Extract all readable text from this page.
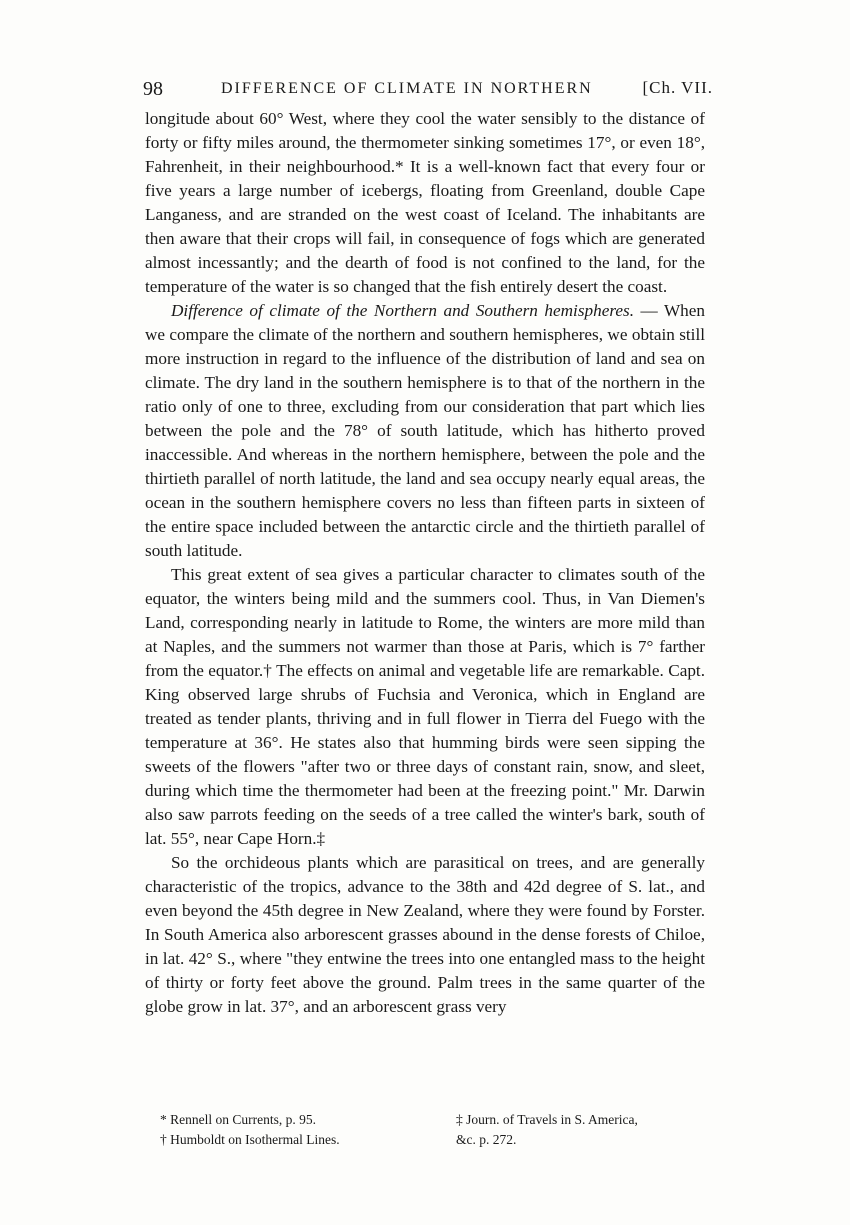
98	DIFFERENCE OF CLIMATE IN NORTHERN	[Ch. VII.

longitude about 60° West, where they cool the water sensibly to the distance of forty or fifty miles around, the thermometer sinking sometimes 17°, or even 18°, Fahrenheit, in their neighbourhood.* It is a well-known fact that every four or five years a large number of icebergs, floating from Greenland, double Cape Langaness, and are stranded on the west coast of Iceland. The inhabitants are then aware that their crops will fail, in consequence of fogs which are generated almost incessantly; and the dearth of food is not confined to the land, for the temperature of the water is so changed that the fish entirely desert the coast.

Difference of climate of the Northern and Southern hemispheres. — When we compare the climate of the northern and southern hemispheres, we obtain still more instruction in regard to the influence of the distribution of land and sea on climate. The dry land in the southern hemisphere is to that of the northern in the ratio only of one to three, excluding from our consideration that part which lies between the pole and the 78° of south latitude, which has hitherto proved inaccessible. And whereas in the northern hemisphere, between the pole and the thirtieth parallel of north latitude, the land and sea occupy nearly equal areas, the ocean in the southern hemisphere covers no less than fifteen parts in sixteen of the entire space included between the antarctic circle and the thirtieth parallel of south latitude.

This great extent of sea gives a particular character to climates south of the equator, the winters being mild and the summers cool. Thus, in Van Diemen's Land, corresponding nearly in latitude to Rome, the winters are more mild than at Naples, and the summers not warmer than those at Paris, which is 7° farther from the equator.† The effects on animal and vegetable life are remarkable. Capt. King observed large shrubs of Fuchsia and Veronica, which in England are treated as tender plants, thriving and in full flower in Tierra del Fuego with the temperature at 36°. He states also that humming birds were seen sipping the sweets of the flowers "after two or three days of constant rain, snow, and sleet, during which time the thermometer had been at the freezing point." Mr. Darwin also saw parrots feeding on the seeds of a tree called the winter's bark, south of lat. 55°, near Cape Horn.‡

So the orchideous plants which are parasitical on trees, and are generally characteristic of the tropics, advance to the 38th and 42d degree of S. lat., and even beyond the 45th degree in New Zealand, where they were found by Forster. In South America also arborescent grasses abound in the dense forests of Chiloe, in lat. 42° S., where "they entwine the trees into one entangled mass to the height of thirty or forty feet above the ground. Palm trees in the same quarter of the globe grow in lat. 37°, and an arborescent grass very

* Rennell on Currents, p. 95.
† Humboldt on Isothermal Lines.
‡ Journ. of Travels in S. America,
&c. p. 272.
